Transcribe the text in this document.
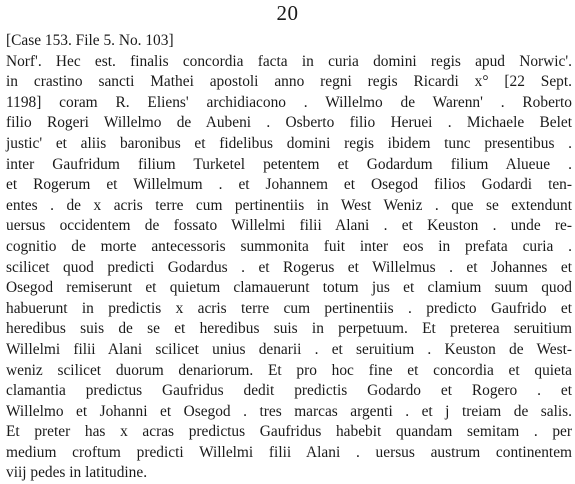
20
[Case 153. File 5. No. 103]
Norf'. Hec est. finalis concordia facta in curia domini regis apud Norwic'.
in crastino sancti Mathei apostoli anno regni regis Ricardi x° [22 Sept.
1198] coram R. Eliens' archidiacono . Willelmo de Warenn' . Roberto
filio Rogeri Willelmo de Aubeni . Osberto filio Heruei . Michaele Belet
justic' et aliis baronibus et fidelibus domini regis ibidem tunc presentibus .
inter Gaufridum filium Turketel petentem et Godardum filium Alueue .
et Rogerum et Willelmum . et Johannem et Osegod filios Godardi ten-
entes . de x acris terre cum pertinentiis in West Weniz . que se extendunt
uersus occidentem de fossato Willelmi filii Alani . et Keuston . unde re-
cognitio de morte antecessoris summonita fuit inter eos in prefata curia .
scilicet quod predicti Godardus . et Rogerus et Willelmus . et Johannes et
Osegod remiserunt et quietum clamauerunt totum jus et clamium suum quod
habuerunt in predictis x acris terre cum pertinentiis . predicto Gaufrido et
heredibus suis de se et heredibus suis in perpetuum. Et preterea seruitium
Willelmi filii Alani scilicet unius denarii . et seruitium . Keuston de West-
weniz scilicet duorum denariorum. Et pro hoc fine et concordia et quieta
clamantia predictus Gaufridus dedit predictis Godardo et Rogero . et
Willelmo et Johanni et Osegod . tres marcas argenti . et j treiam de salis.
Et preter has x acras predictus Gaufridus habebit quandam semitam . per
medium croftum predicti Willelmi filii Alani . uersus austrum continentem
viij pedes in latitudine.
